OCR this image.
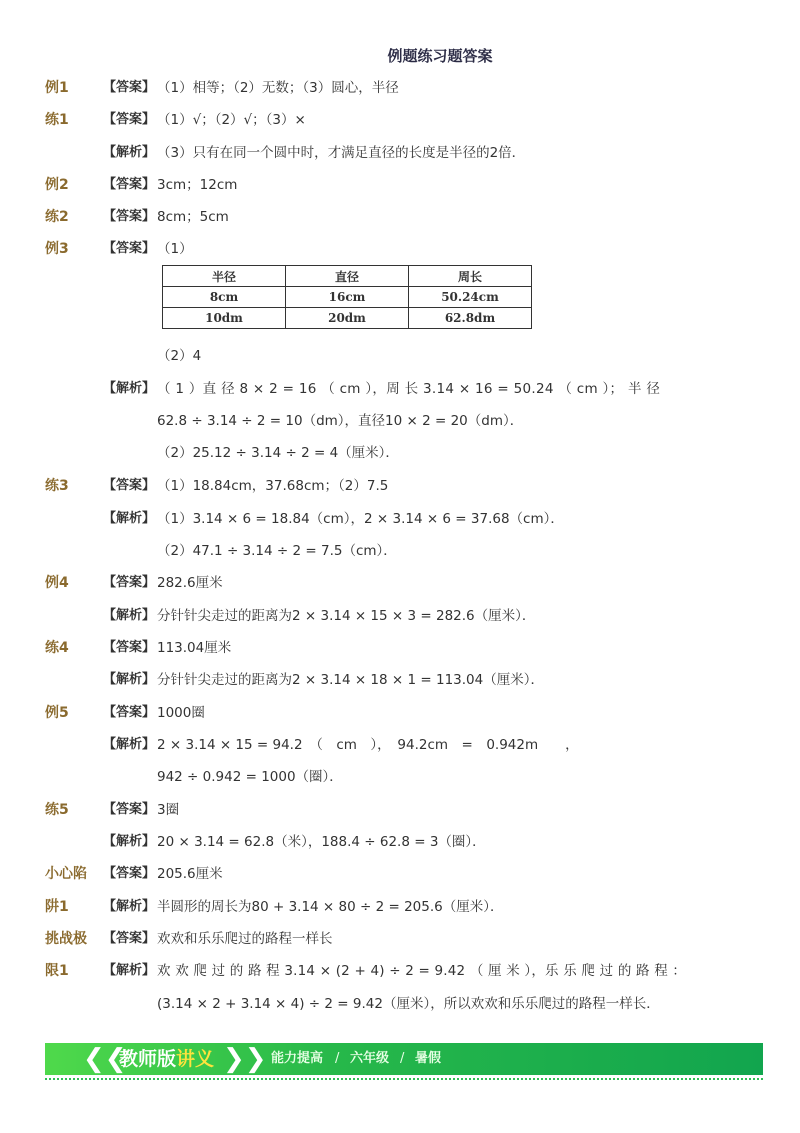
例题练习题答案
例1	【答案】 （1）相等；（2）无数；（3）圆心，半径
练1	【答案】 （1）√；（2）√；（3）×
【解析】 （3）只有在同一个圆中时，才满足直径的长度是半径的2倍．
例2	【答案】 3cm；12cm
练2	【答案】 8cm；5cm
例3	【答案】 （1）
半径	直径	周长
8cm	16cm	50.24cm
10dm	20dm	62.8dm
（2）4
【解析】 （ 1 ）直 径 8 × 2 = 16 （ cm ），周 长 3.14 × 16 = 50.24 （ cm ）； 半 径
62.8 ÷ 3.14 ÷ 2 = 10（dm），直径10 × 2 = 20（dm）．
（2）25.12 ÷ 3.14 ÷ 2 = 4（厘米）．
练3	【答案】 （1）18.84cm，37.68cm；（2）7.5
【解析】 （1）3.14 × 6 = 18.84（cm），2 × 3.14 × 6 = 37.68（cm）．
（2）47.1 ÷ 3.14 ÷ 2 = 7.5（cm）．
例4	【答案】 282.6厘米
【解析】 分针针尖走过的距离为2 × 3.14 × 15 × 3 = 282.6（厘米）．
练4	【答案】 113.04厘米
【解析】 分针针尖走过的距离为2 × 3.14 × 18 × 1 = 113.04（厘米）．
例5	【答案】 1000圈
【解析】 2 × 3.14 × 15 = 94.2　（　cm　），　94.2cm　=　0.942m　　，
942 ÷ 0.942 = 1000（圈）．
练5	【答案】 3圈
【解析】 20 × 3.14 = 62.8（米），188.4 ÷ 62.8 = 3（圈）．
小心陷 【答案】 205.6厘米
阱1	【解析】 半圆形的周长为80 + 3.14 × 80 ÷ 2 = 205.6（厘米）．
挑战极 【答案】 欢欢和乐乐爬过的路程一样长
限1	【解析】 欢 欢 爬 过 的 路 程 3.14 × (2 + 4) ÷ 2 = 9.42 （ 厘 米 ），乐 乐 爬 过 的 路 程 ：
(3.14 × 2 + 3.14 × 4) ÷ 2 = 9.42（厘米），所以欢欢和乐乐爬过的路程一样长．
❮❮
教师版讲义 ❯❯ 能力提高 / 六年级 / 暑假
